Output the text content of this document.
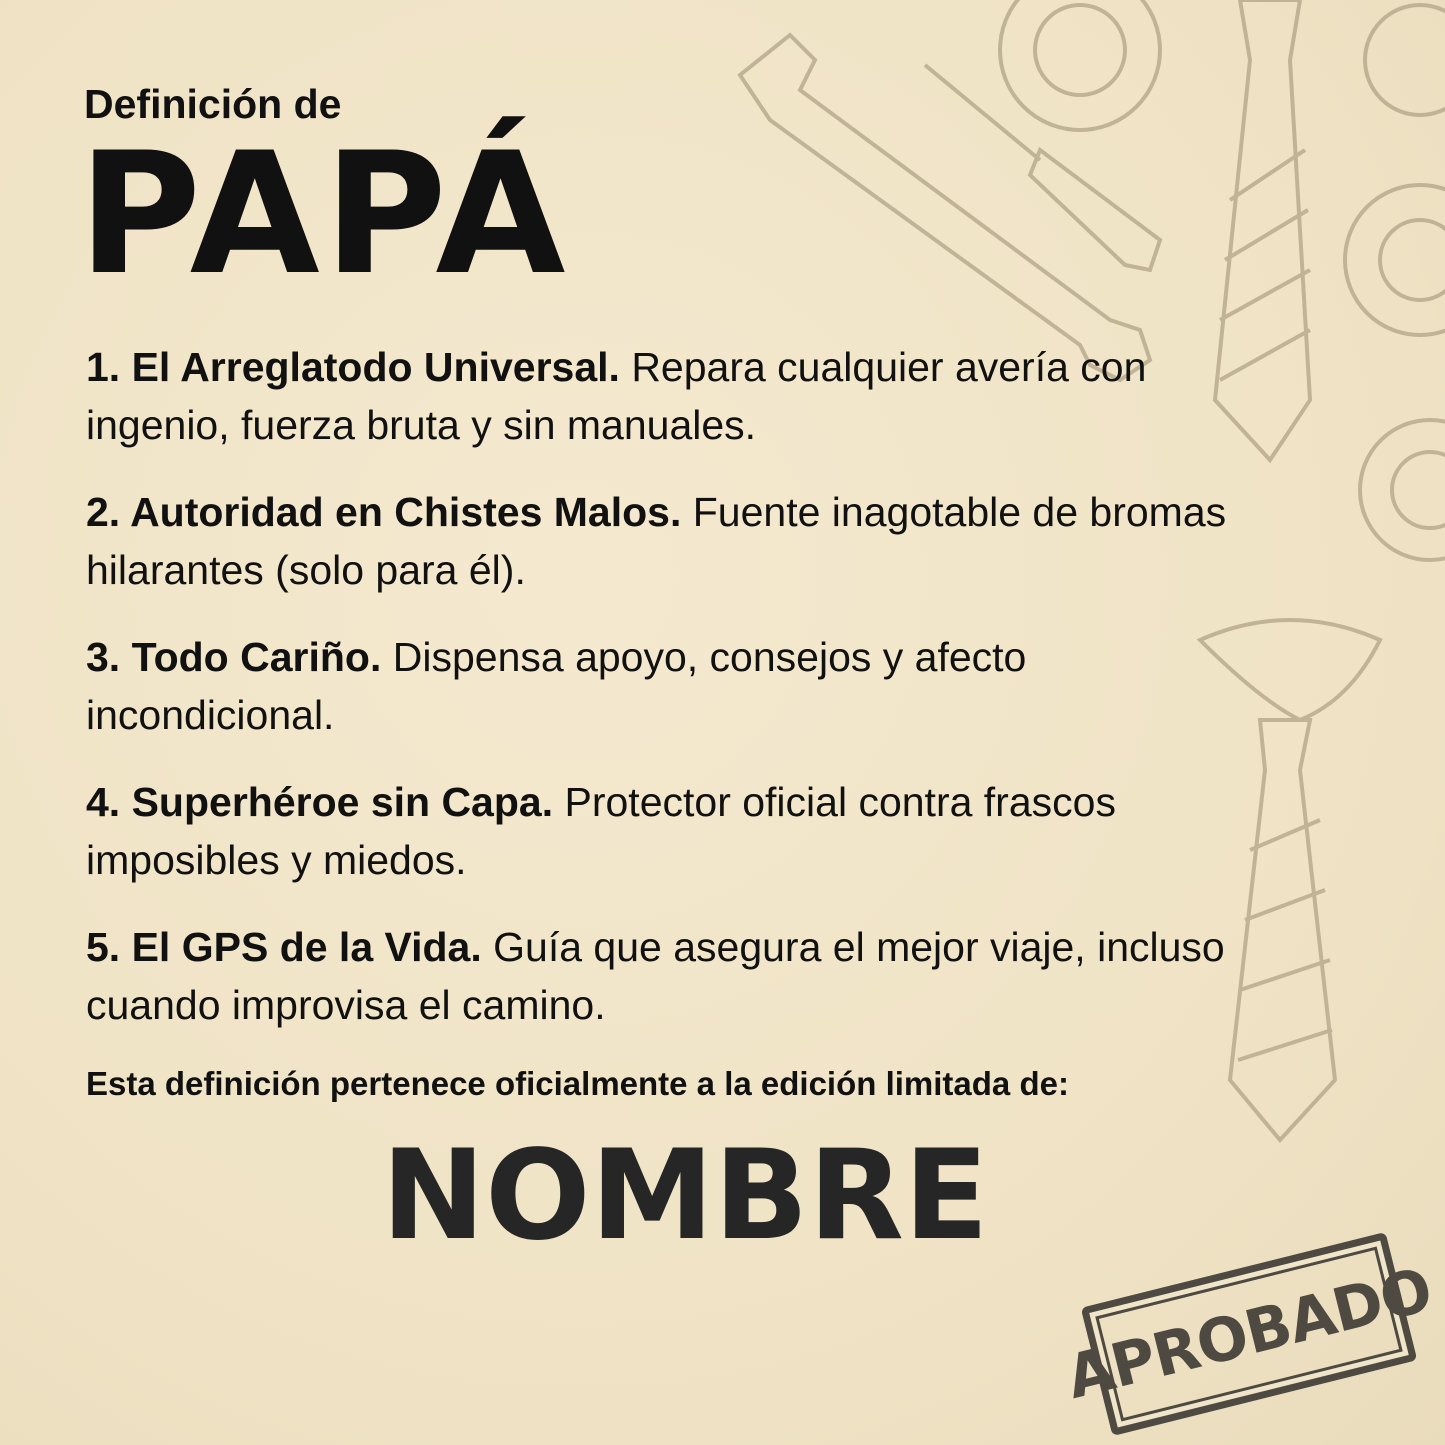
Definición de
PAPÁ
1. El Arreglatodo Universal. Repara cualquier avería con ingenio, fuerza bruta y sin manuales.
2. Autoridad en Chistes Malos. Fuente inagotable de bromas hilarantes (solo para él).
3. Todo Cariño. Dispensa apoyo, consejos y afecto incondicional.
4. Superhéroe sin Capa. Protector oficial contra frascos imposibles y miedos.
5. El GPS de la Vida. Guía que asegura el mejor viaje, incluso cuando improvisa el camino.
Esta definición pertenece oficialmente a la edición limitada de:
NOMBRE
APROBADO
